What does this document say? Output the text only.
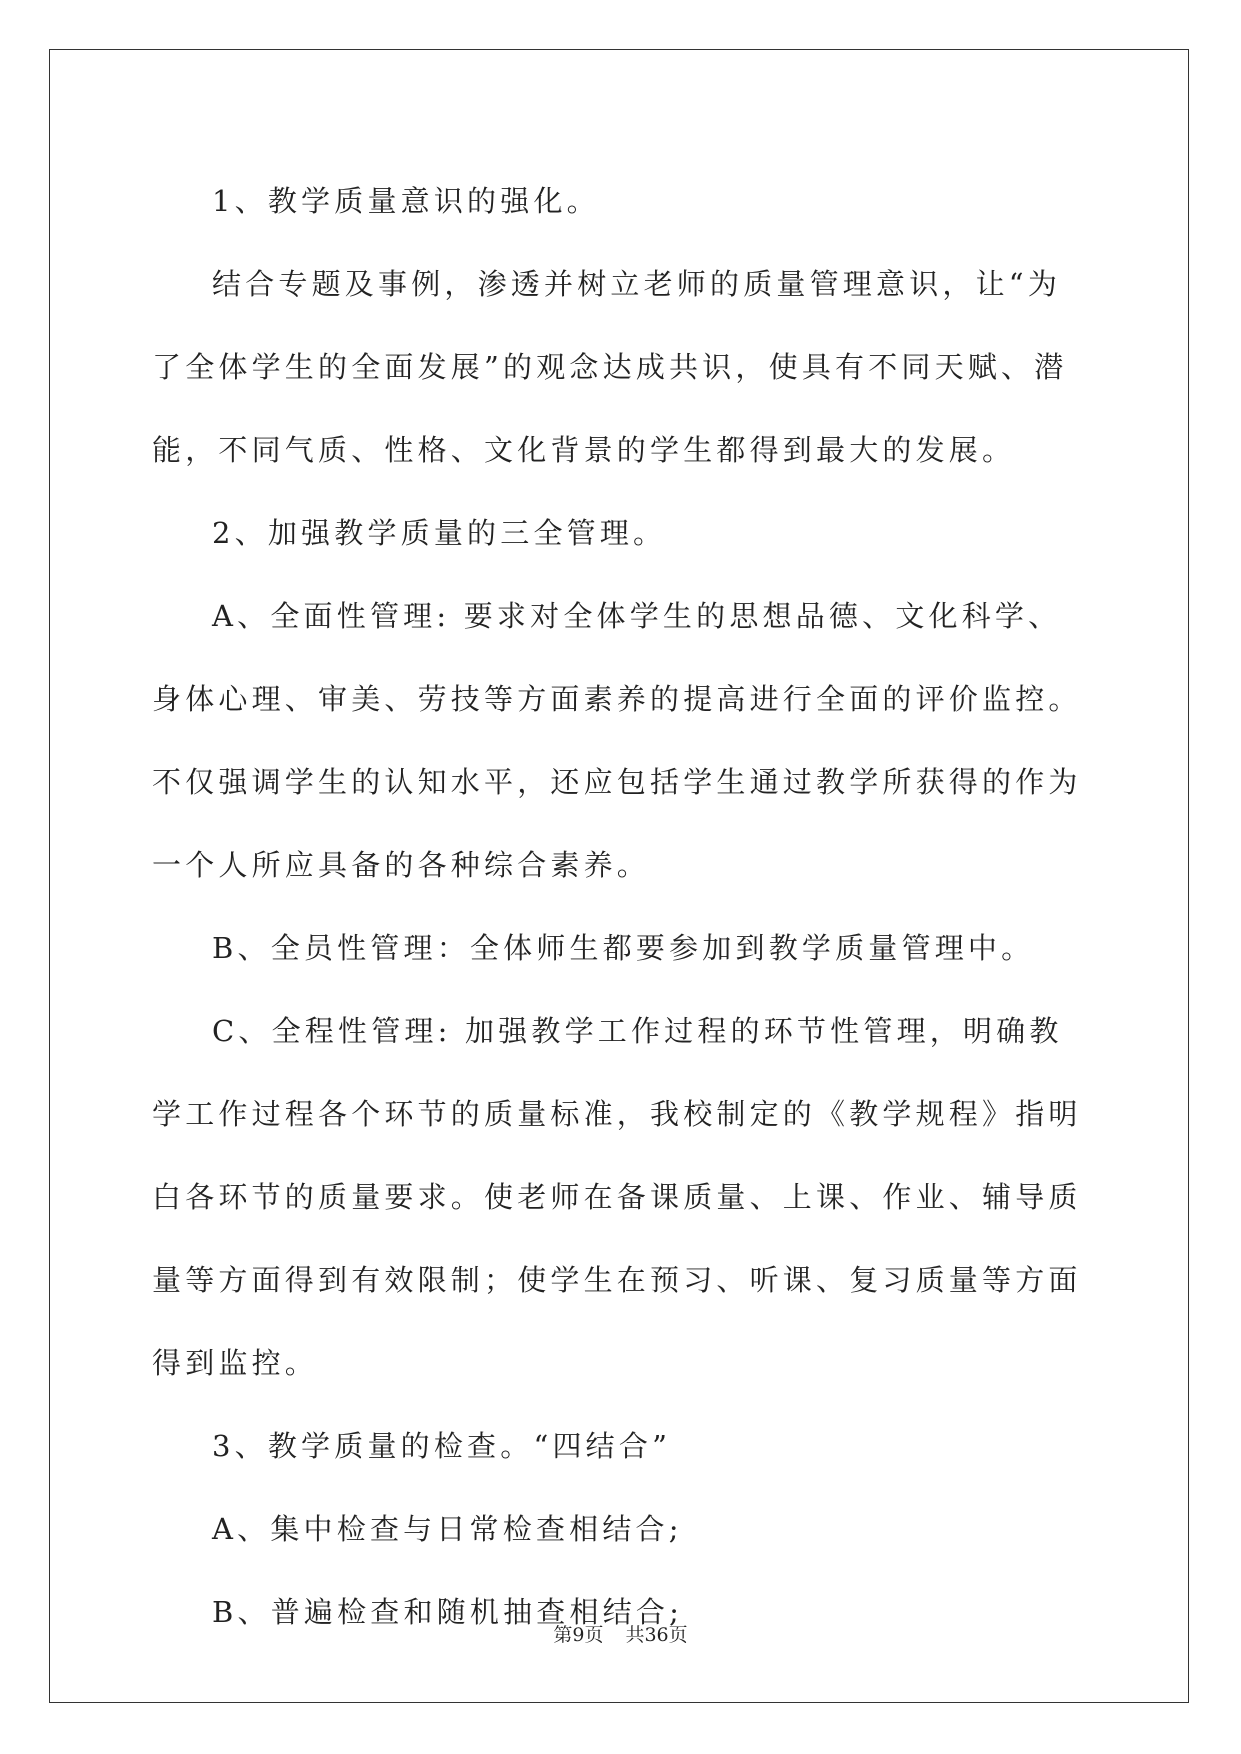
1、教学质量意识的强化。

结合专题及事例，渗透并树立老师的质量管理意识，让“为了全体学生的全面发展”的观念达成共识，使具有不同天赋、潜能，不同气质、性格、文化背景的学生都得到最大的发展。

2、加强教学质量的三全管理。

A、全面性管理: 要求对全体学生的思想品德、文化科学、身体心理、审美、劳技等方面素养的提高进行全面的评价监控。不仅强调学生的认知水平，还应包括学生通过教学所获得的作为一个人所应具备的各种综合素养。

B、全员性管理：全体师生都要参加到教学质量管理中。

C、全程性管理: 加强教学工作过程的环节性管理，明确教学工作过程各个环节的质量标准，我校制定的《教学规程》指明白各环节的质量要求。使老师在备课质量、上课、作业、辅导质量等方面得到有效限制；使学生在预习、听课、复习质量等方面得到监控。

3、教学质量的检查。“四结合”

A、集中检查与日常检查相结合;

B、普遍检查和随机抽查相结合;

第9页 共36页
